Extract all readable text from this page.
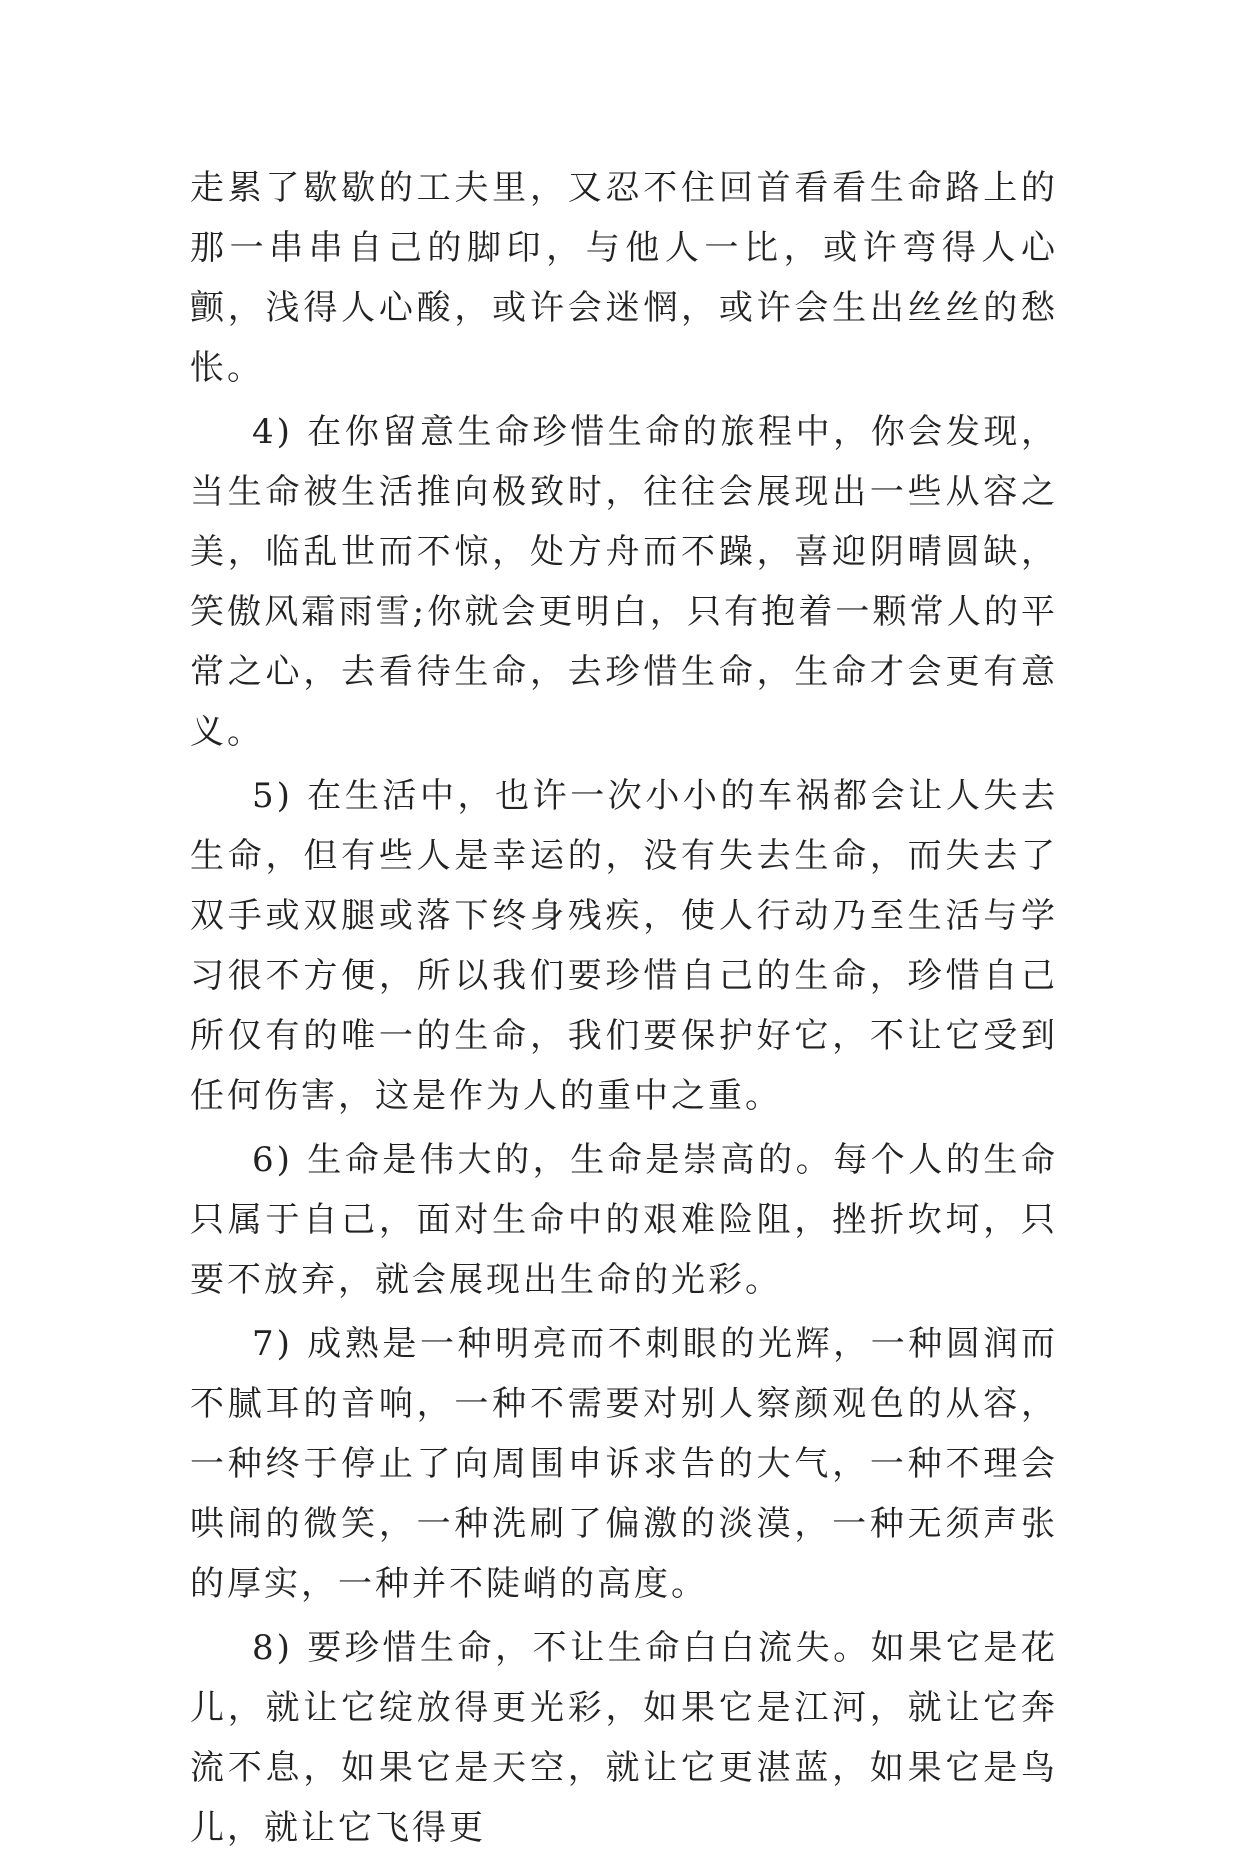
走累了歇歇的工夫里，又忍不住回首看看生命路上的那一串串自己的脚印，与他人一比，或许弯得人心颤，浅得人心酸，或许会迷惘，或许会生出丝丝的愁怅。

4) 在你留意生命珍惜生命的旅程中，你会发现，当生命被生活推向极致时，往往会展现出一些从容之美，临乱世而不惊，处方舟而不躁，喜迎阴晴圆缺，笑傲风霜雨雪;你就会更明白，只有抱着一颗常人的平常之心，去看待生命，去珍惜生命，生命才会更有意义。

5) 在生活中，也许一次小小的车祸都会让人失去生命，但有些人是幸运的，没有失去生命，而失去了双手或双腿或落下终身残疾，使人行动乃至生活与学习很不方便，所以我们要珍惜自己的生命，珍惜自己所仅有的唯一的生命，我们要保护好它，不让它受到任何伤害，这是作为人的重中之重。

6) 生命是伟大的，生命是崇高的。每个人的生命只属于自己，面对生命中的艰难险阻，挫折坎坷，只要不放弃，就会展现出生命的光彩。

7) 成熟是一种明亮而不刺眼的光辉，一种圆润而不腻耳的音响，一种不需要对别人察颜观色的从容，一种终于停止了向周围申诉求告的大气，一种不理会哄闹的微笑，一种洗刷了偏激的淡漠，一种无须声张的厚实，一种并不陡峭的高度。

8) 要珍惜生命，不让生命白白流失。如果它是花儿，就让它绽放得更光彩，如果它是江河，就让它奔流不息，如果它是天空，就让它更湛蓝，如果它是鸟儿，就让它飞得更
